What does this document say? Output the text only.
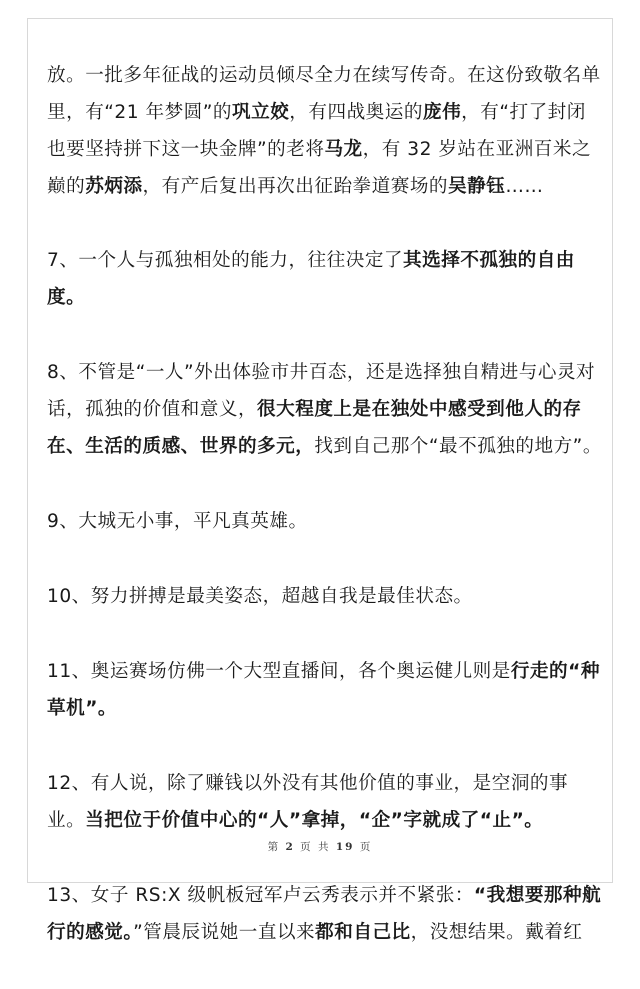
放。一批多年征战的运动员倾尽全力在续写传奇。在这份致敬名单里，有“21 年梦圆”的巩立姣，有四战奥运的庞伟，有“打了封闭也要坚持拼下这一块金牌”的老将马龙，有 32 岁站在亚洲百米之巅的苏炳添，有产后复出再次出征跆拳道赛场的吴静钰……

7、一个人与孤独相处的能力，往往决定了其选择不孤独的自由度。

8、不管是“一人”外出体验市井百态，还是选择独自精进与心灵对话，孤独的价值和意义，很大程度上是在独处中感受到他人的存在、生活的质感、世界的多元，找到自己那个“最不孤独的地方”。

9、大城无小事，平凡真英雄。

10、努力拼搏是最美姿态，超越自我是最佳状态。

11、奥运赛场仿佛一个大型直播间，各个奥运健儿则是行走的“种草机”。

12、有人说，除了赚钱以外没有其他价值的事业，是空洞的事业。当把位于价值中心的“人”拿掉，“企”字就成了“止”。

13、女子 RS:X 级帆板冠军卢云秀表示并不紧张：“我想要那种航行的感觉。”管晨辰说她一直以来都和自己比，没想结果。戴着红

第 2 页 共 19 页
